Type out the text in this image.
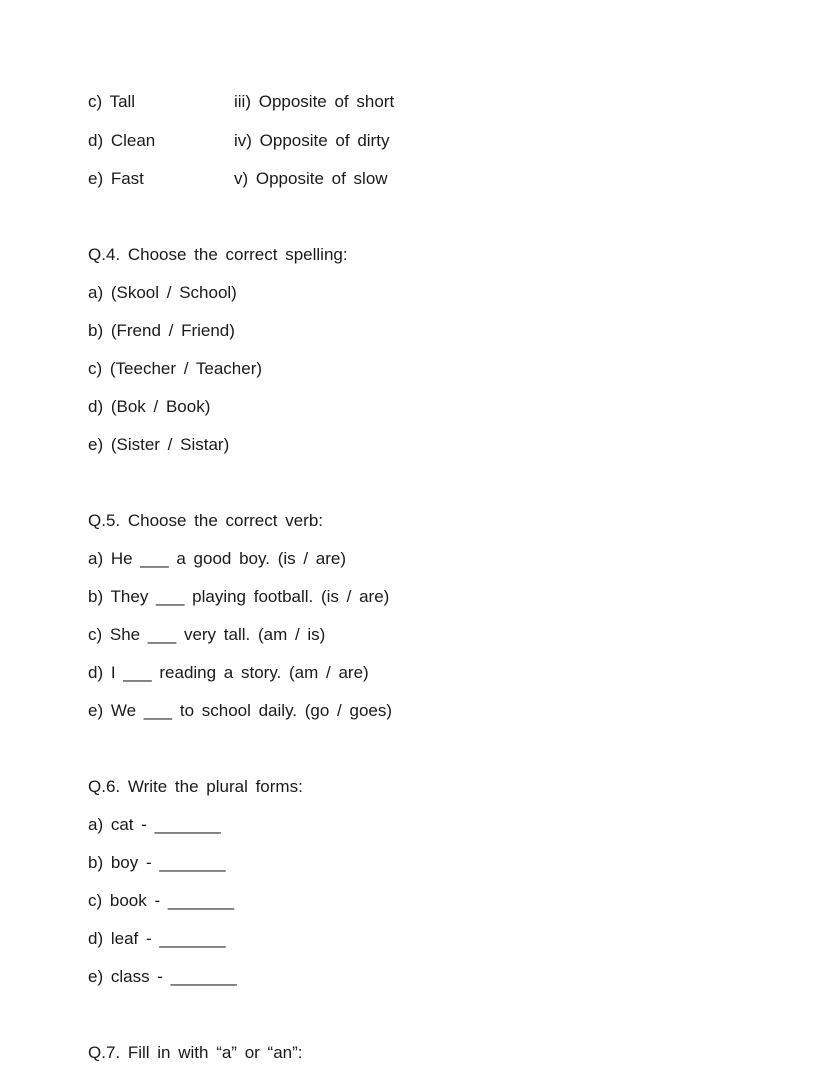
c) Tall	iii) Opposite of short
d) Clean	iv) Opposite of dirty
e) Fast	v) Opposite of slow
Q.4. Choose the correct spelling:
a) (Skool / School)
b) (Frend / Friend)
c) (Teecher / Teacher)
d) (Bok / Book)
e) (Sister / Sistar)
Q.5. Choose the correct verb:
a) He ___ a good boy. (is / are)
b) They ___ playing football. (is / are)
c) She ___ very tall. (am / is)
d) I ___ reading a story. (am / are)
e) We ___ to school daily. (go / goes)
Q.6. Write the plural forms:
a) cat - _______
b) boy - _______
c) book - _______
d) leaf - _______
e) class - _______
Q.7. Fill in with “a” or “an”:
